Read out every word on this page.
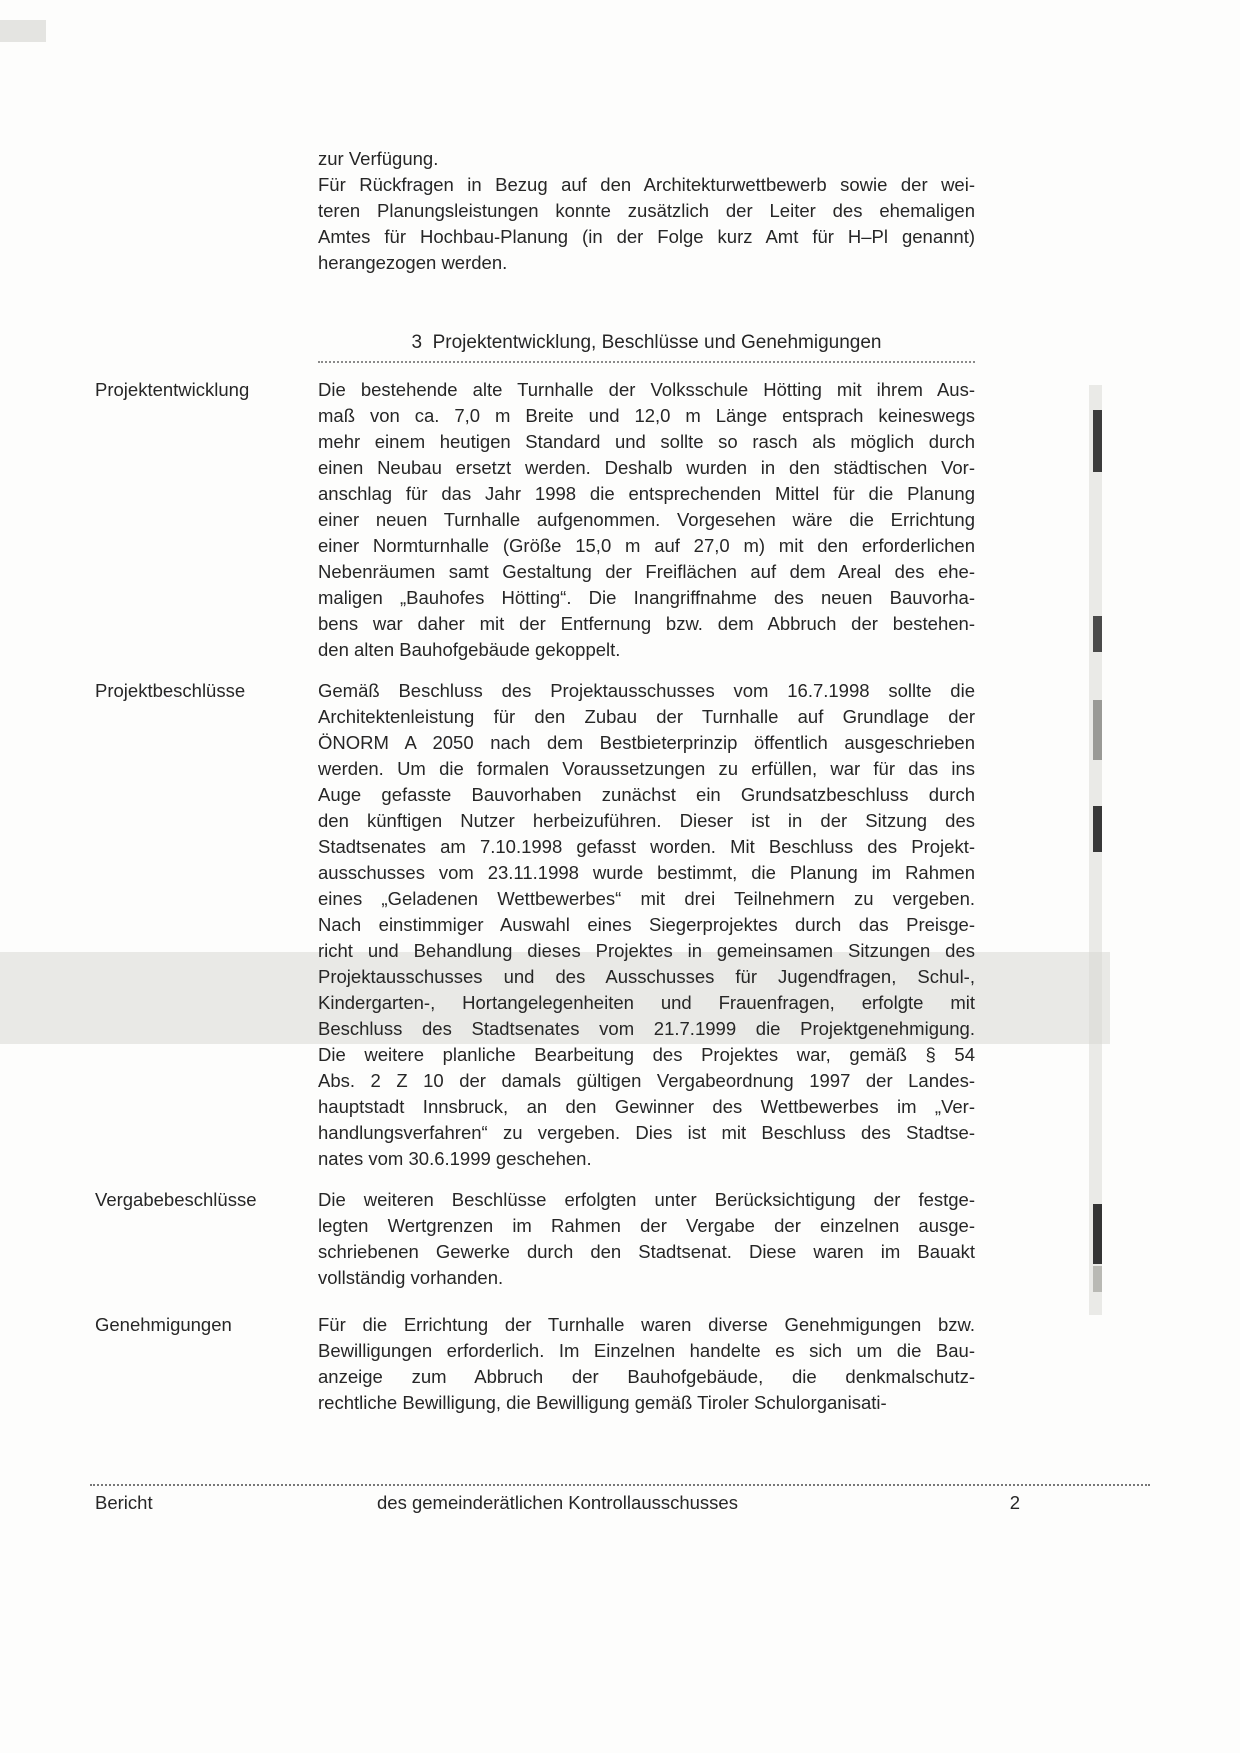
zur Verfügung.
Für Rückfragen in Bezug auf den Architekturwettbewerb sowie der wei-
teren Planungsleistungen konnte zusätzlich der Leiter des ehemaligen
Amtes für Hochbau-Planung (in der Folge kurz Amt für H–Pl genannt)
herangezogen werden.
3  Projektentwicklung, Beschlüsse und Genehmigungen
Projektentwicklung	Die bestehende alte Turnhalle der Volksschule Hötting mit ihrem Aus-
maß von ca. 7,0 m Breite und 12,0 m Länge entsprach keineswegs
mehr einem heutigen Standard und sollte so rasch als möglich durch
einen Neubau ersetzt werden. Deshalb wurden in den städtischen Vor-
anschlag für das Jahr 1998 die entsprechenden Mittel für die Planung
einer neuen Turnhalle aufgenommen. Vorgesehen wäre die Errichtung
einer Normturnhalle (Größe 15,0 m auf 27,0 m) mit den erforderlichen
Nebenräumen samt Gestaltung der Freiflächen auf dem Areal des ehe-
maligen „Bauhofes Hötting“. Die Inangriffnahme des neuen Bauvorha-
bens war daher mit der Entfernung bzw. dem Abbruch der bestehen-
den alten Bauhofgebäude gekoppelt.
Projektbeschlüsse	Gemäß Beschluss des Projektausschusses vom 16.7.1998 sollte die
Architektenleistung für den Zubau der Turnhalle auf Grundlage der
ÖNORM A 2050 nach dem Bestbieterprinzip öffentlich ausgeschrieben
werden. Um die formalen Voraussetzungen zu erfüllen, war für das ins
Auge gefasste Bauvorhaben zunächst ein Grundsatzbeschluss durch
den künftigen Nutzer herbeizuführen. Dieser ist in der Sitzung des
Stadtsenates am 7.10.1998 gefasst worden. Mit Beschluss des Projekt-
ausschusses vom 23.11.1998 wurde bestimmt, die Planung im Rahmen
eines „Geladenen Wettbewerbes“ mit drei Teilnehmern zu vergeben.
Nach einstimmiger Auswahl eines Siegerprojektes durch das Preisge-
richt und Behandlung dieses Projektes in gemeinsamen Sitzungen des
Projektausschusses und des Ausschusses für Jugendfragen, Schul-,
Kindergarten-, Hortangelegenheiten und Frauenfragen, erfolgte mit
Beschluss des Stadtsenates vom 21.7.1999 die Projektgenehmigung.
Die weitere planliche Bearbeitung des Projektes war, gemäß § 54
Abs. 2 Z 10 der damals gültigen Vergabeordnung 1997 der Landes-
hauptstadt Innsbruck, an den Gewinner des Wettbewerbes im „Ver-
handlungsverfahren“ zu vergeben. Dies ist mit Beschluss des Stadtse-
nates vom 30.6.1999 geschehen.
Vergabebeschlüsse	Die weiteren Beschlüsse erfolgten unter Berücksichtigung der festge-
legten Wertgrenzen im Rahmen der Vergabe der einzelnen ausge-
schriebenen Gewerke durch den Stadtsenat. Diese waren im Bauakt
vollständig vorhanden.
Genehmigungen	Für die Errichtung der Turnhalle waren diverse Genehmigungen bzw.
Bewilligungen erforderlich. Im Einzelnen handelte es sich um die Bau-
anzeige zum Abbruch der Bauhofgebäude, die denkmalschutz-
rechtliche Bewilligung, die Bewilligung gemäß Tiroler Schulorganisati-
Bericht	des gemeinderätlichen Kontrollausschusses	2
